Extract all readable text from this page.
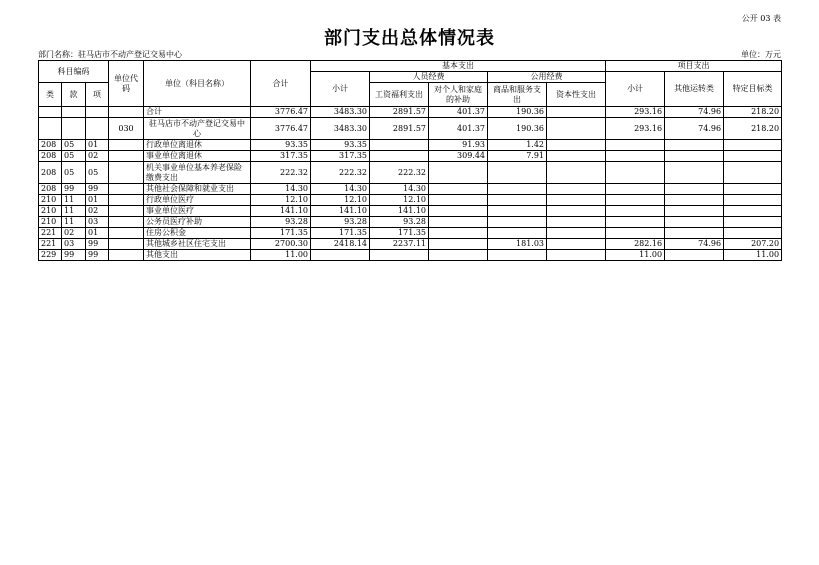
公开 03 表
部门支出总体情况表
部门名称：驻马店市不动产登记交易中心	单位：万元
科目编码			单位代码	单位（科目名称）	合计	基本支出					项目支出		
						小计	人员经费		公用经费		小计	其他运转类	特定目标类
类	款	项					工资福利支出	对个人和家庭的补助	商品和服务支出	资本性支出			
				合计	3776.47	3483.30	2891.57	401.37	190.36		293.16	74.96	218.20
			030	驻马店市不动产登记交易中心	3776.47	3483.30	2891.57	401.37	190.36		293.16	74.96	218.20
208	05	01		行政单位离退休	93.35	93.35		91.93	1.42				
208	05	02		事业单位离退休	317.35	317.35		309.44	7.91				
208	05	05		机关事业单位基本养老保险缴费支出	222.32	222.32	222.32						
208	99	99		其他社会保障和就业支出	14.30	14.30	14.30						
210	11	01		行政单位医疗	12.10	12.10	12.10						
210	11	02		事业单位医疗	141.10	141.10	141.10						
210	11	03		公务员医疗补助	93.28	93.28	93.28						
221	02	01		住房公积金	171.35	171.35	171.35						
221	03	99		其他城乡社区住宅支出	2700.30	2418.14	2237.11		181.03		282.16	74.96	207.20
229	99	99		其他支出	11.00						11.00		11.00
